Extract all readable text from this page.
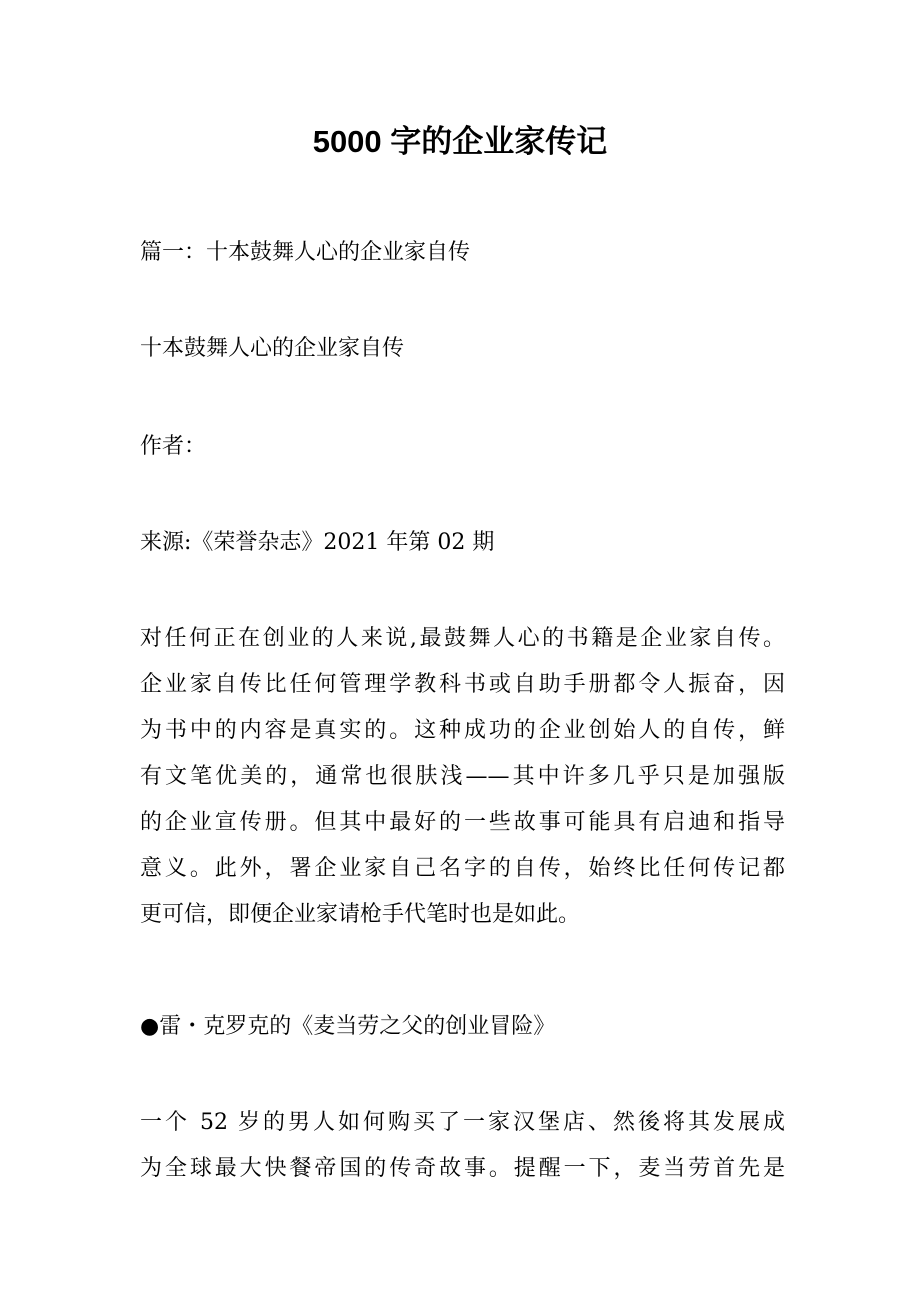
5000 字的企业家传记

篇一：十本鼓舞人心的企业家自传

十本鼓舞人心的企业家自传

作者：

来源:《荣誉杂志》2021 年第 02 期

对任何正在创业的人来说,最鼓舞人心的书籍是企业家自传。
企业家自传比任何管理学教科书或自助手册都令人振奋，因
为书中的内容是真实的。这种成功的企业创始人的自传，鲜
有文笔优美的，通常也很肤浅——其中许多几乎只是加强版
的企业宣传册。但其中最好的一些故事可能具有启迪和指导
意义。此外，署企业家自己名字的自传，始终比任何传记都
更可信，即便企业家请枪手代笔时也是如此。

●雷・克罗克的《麦当劳之父的创业冒险》

一个 52 岁的男人如何购买了一家汉堡店、然後将其发展成
为全球最大快餐帝国的传奇故事。提醒一下，麦当劳首先是
